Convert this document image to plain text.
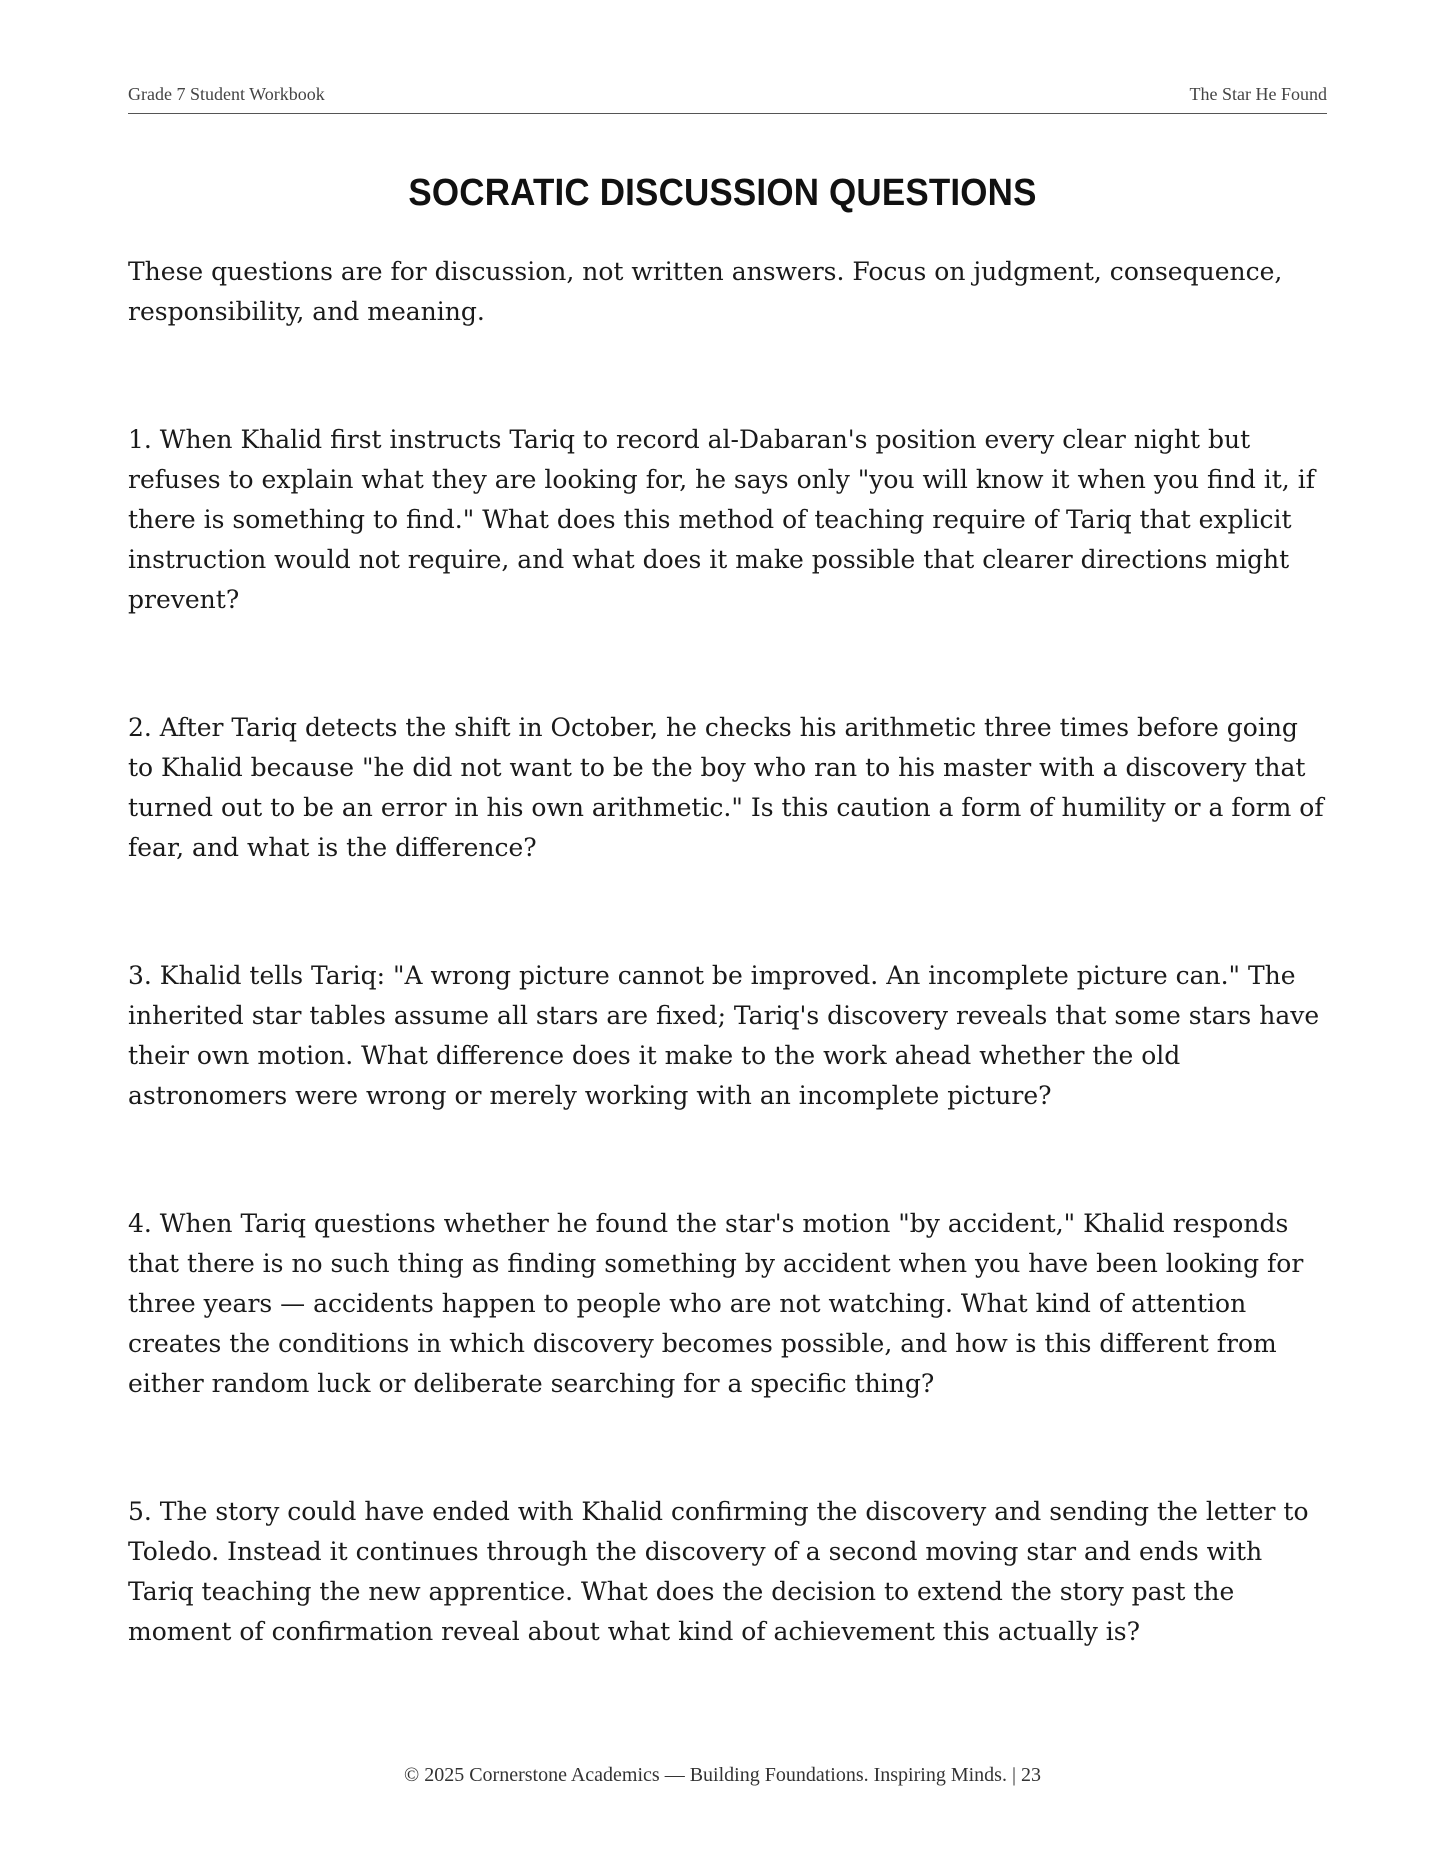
Grade 7 Student Workbook	The Star He Found
SOCRATIC DISCUSSION QUESTIONS
These questions are for discussion, not written answers. Focus on judgment, consequence, responsibility, and meaning.

1. When Khalid first instructs Tariq to record al-Dabaran's position every clear night but refuses to explain what they are looking for, he says only "you will know it when you find it, if there is something to find." What does this method of teaching require of Tariq that explicit instruction would not require, and what does it make possible that clearer directions might prevent?

2. After Tariq detects the shift in October, he checks his arithmetic three times before going to Khalid because "he did not want to be the boy who ran to his master with a discovery that turned out to be an error in his own arithmetic." Is this caution a form of humility or a form of fear, and what is the difference?

3. Khalid tells Tariq: "A wrong picture cannot be improved. An incomplete picture can." The inherited star tables assume all stars are fixed; Tariq's discovery reveals that some stars have their own motion. What difference does it make to the work ahead whether the old astronomers were wrong or merely working with an incomplete picture?

4. When Tariq questions whether he found the star's motion "by accident," Khalid responds that there is no such thing as finding something by accident when you have been looking for three years — accidents happen to people who are not watching. What kind of attention creates the conditions in which discovery becomes possible, and how is this different from either random luck or deliberate searching for a specific thing?

5. The story could have ended with Khalid confirming the discovery and sending the letter to Toledo. Instead it continues through the discovery of a second moving star and ends with Tariq teaching the new apprentice. What does the decision to extend the story past the moment of confirmation reveal about what kind of achievement this actually is?

© 2025 Cornerstone Academics — Building Foundations. Inspiring Minds. | 23
